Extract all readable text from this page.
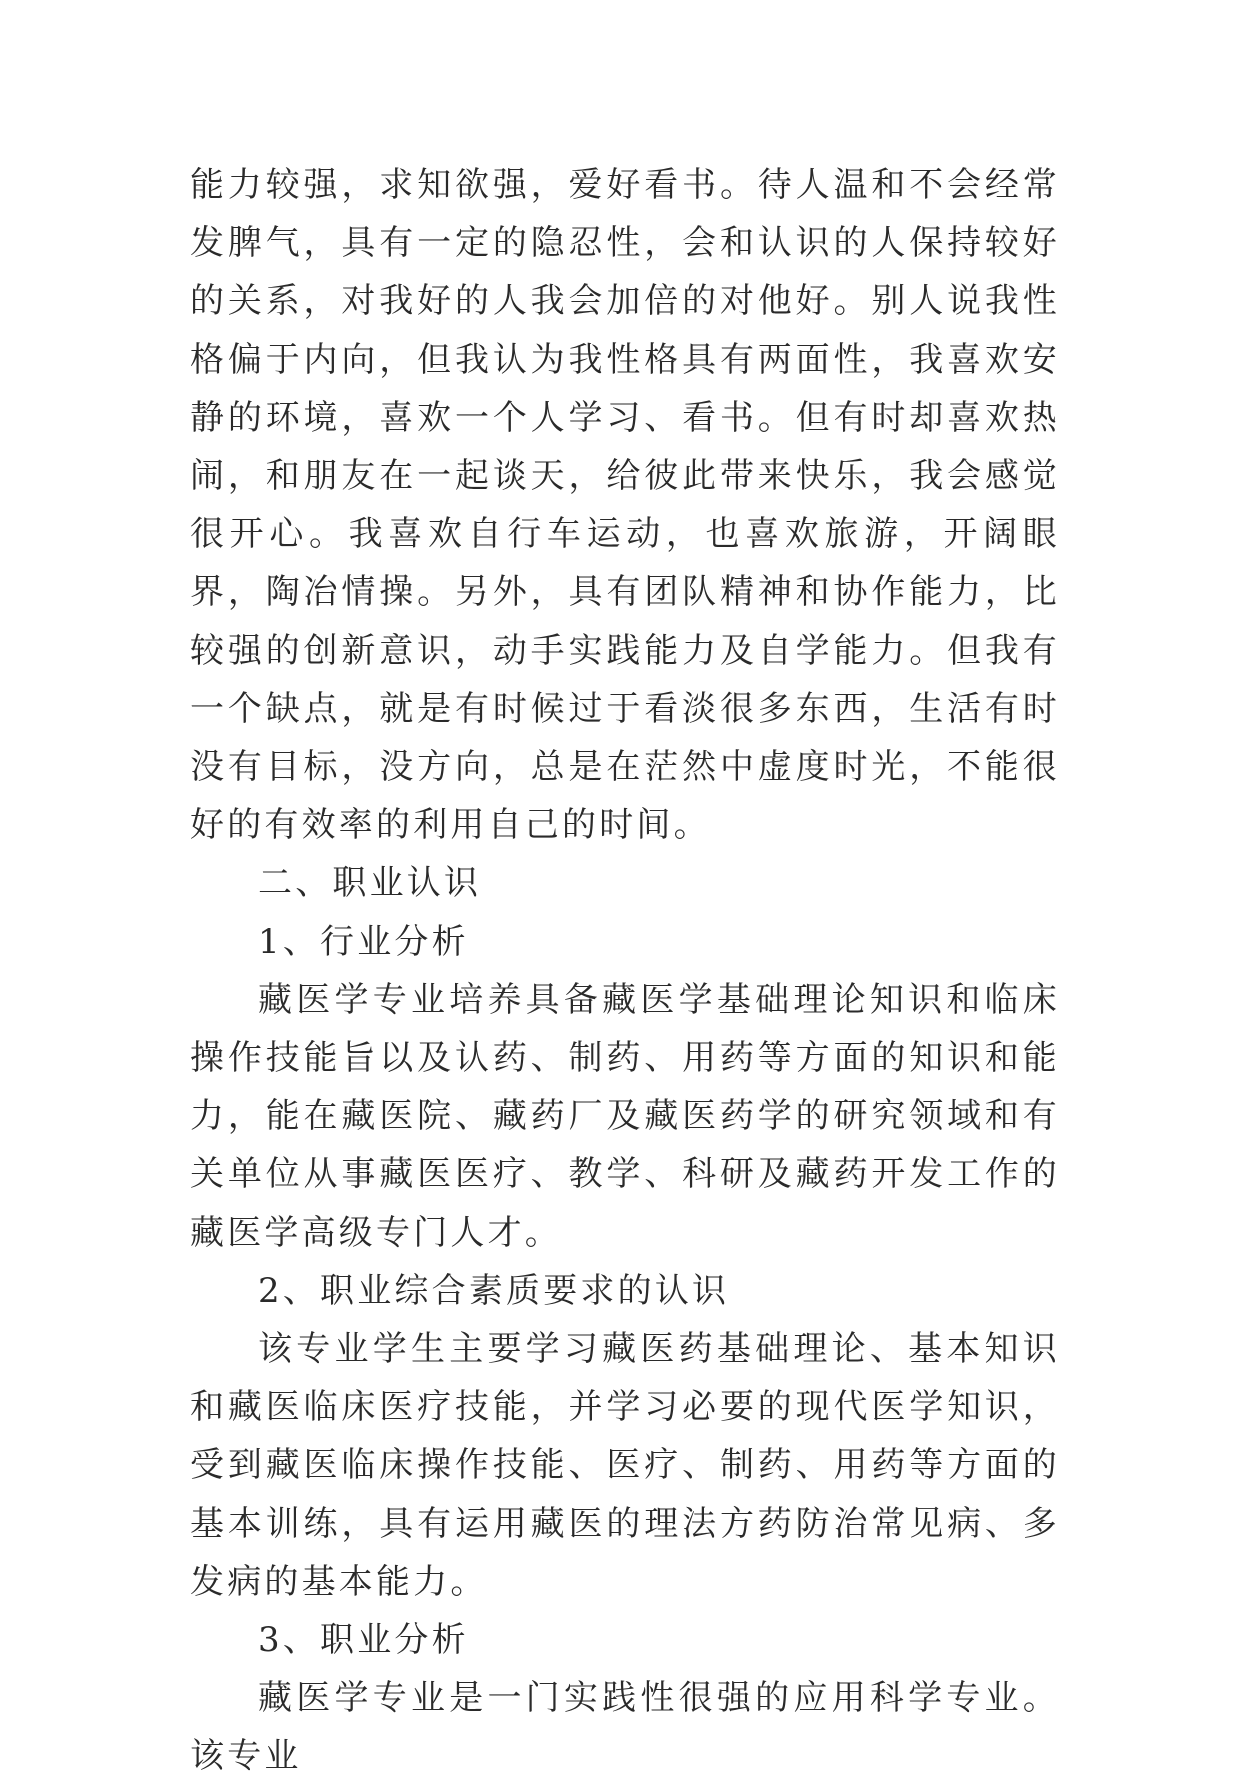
能力较强，求知欲强，爱好看书。待人温和不会经常发脾气，具有一定的隐忍性，会和认识的人保持较好的关系，对我好的人我会加倍的对他好。别人说我性格偏于内向，但我认为我性格具有两面性，我喜欢安静的环境，喜欢一个人学习、看书。但有时却喜欢热闹，和朋友在一起谈天，给彼此带来快乐，我会感觉很开心。我喜欢自行车运动，也喜欢旅游，开阔眼界，陶冶情操。另外，具有团队精神和协作能力，比较强的创新意识，动手实践能力及自学能力。但我有一个缺点，就是有时候过于看淡很多东西，生活有时没有目标，没方向，总是在茫然中虚度时光，不能很好的有效率的利用自己的时间。

二、职业认识

1、行业分析

藏医学专业培养具备藏医学基础理论知识和临床操作技能旨以及认药、制药、用药等方面的知识和能力，能在藏医院、藏药厂及藏医药学的研究领域和有关单位从事藏医医疗、教学、科研及藏药开发工作的藏医学高级专门人才。

2、职业综合素质要求的认识

该专业学生主要学习藏医药基础理论、基本知识和藏医临床医疗技能，并学习必要的现代医学知识，受到藏医临床操作技能、医疗、制药、用药等方面的基本训练，具有运用藏医的理法方药防治常见病、多发病的基本能力。

3、职业分析

藏医学专业是一门实践性很强的应用科学专业。该专业
